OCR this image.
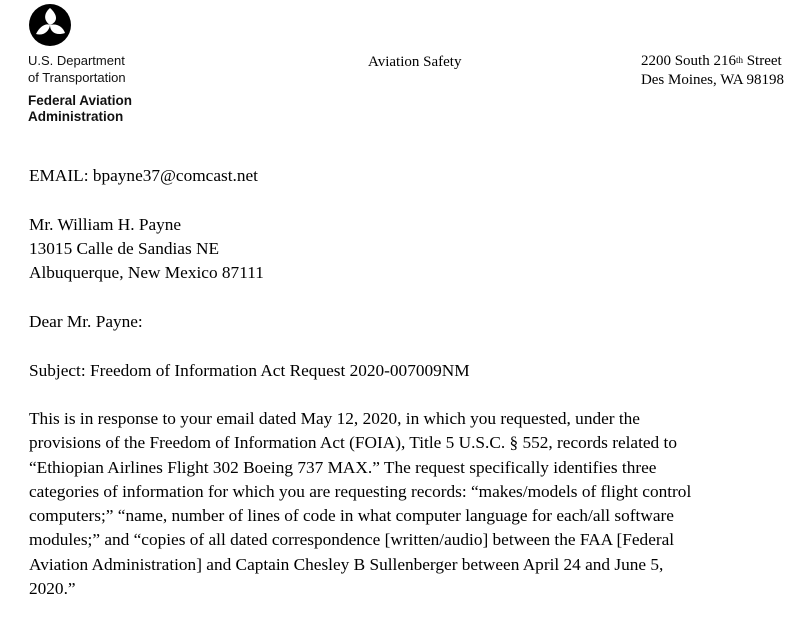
U.S. Department
of Transportation
Federal Aviation
Administration
Aviation Safety	2200 South 216th Street
Des Moines, WA 98198
EMAIL: bpayne37@comcast.net
Mr. William H. Payne
13015 Calle de Sandias NE
Albuquerque, New Mexico 87111
Dear Mr. Payne:
Subject: Freedom of Information Act Request 2020-007009NM
This is in response to your email dated May 12, 2020, in which you requested, under the
provisions of the Freedom of Information Act (FOIA), Title 5 U.S.C. § 552, records related to
“Ethiopian Airlines Flight 302 Boeing 737 MAX.” The request specifically identifies three
categories of information for which you are requesting records: “makes/models of flight control
computers;” “name, number of lines of code in what computer language for each/all software
modules;” and “copies of all dated correspondence [written/audio] between the FAA [Federal
Aviation Administration] and Captain Chesley B Sullenberger between April 24 and June 5,
2020.”
